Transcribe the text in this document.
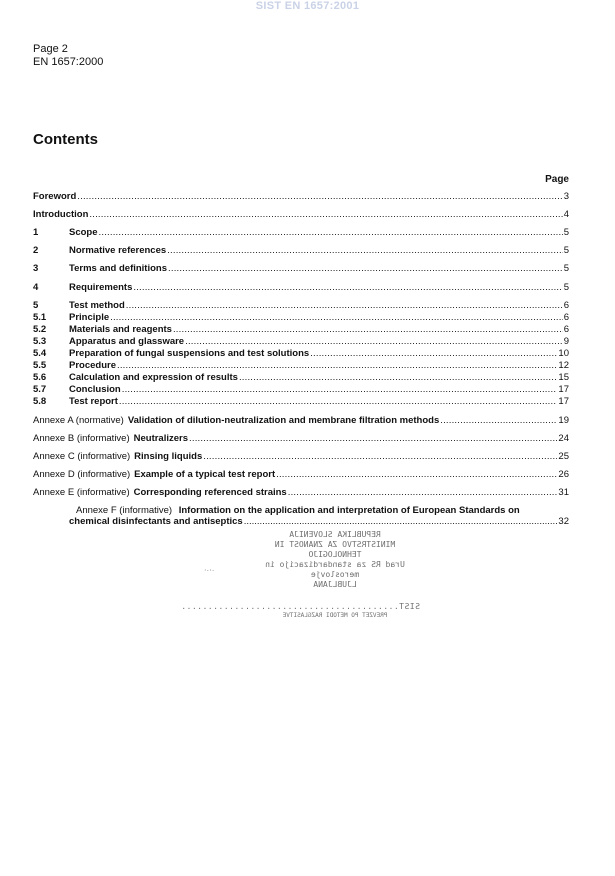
SIST EN 1657:2001
Page 2
EN 1657:2000
Contents
Page
Foreword .....	3
Introduction .....	4
1	Scope .....	5
2	Normative references .....	5
3	Terms and definitions .....	5
4	Requirements .....	5
5	Test method .....	6
5.1	Principle .....	6
5.2	Materials and reagents .....	6
5.3	Apparatus and glassware .....	9
5.4	Preparation of fungal suspensions and test solutions .....	10
5.5	Procedure .....	12
5.6	Calculation and expression of results .....	15
5.7	Conclusion .....	17
5.8	Test report .....	17
Annexe A (normative) Validation of dilution-neutralization and membrane filtration methods .....	19
Annexe B (informative) Neutralizers .....	24
Annexe C (informative) Rinsing liquids .....	25
Annexe D (informative) Example of a typical test report .....	26
Annexe E (informative) Corresponding referenced strains .....	31
Annexe F (informative) Information on the application and interpretation of European Standards on
chemical disinfectants and antiseptics .....	32
REPUBLIKA SLOVENIJA
MINISTRSTVO ZA ZNANOST IN TEHNOLOGIJO
Urad RS za standardizacijo in meroslovje
LJUBLJANA
SIST.........................................
PREVZET PO METODI RAZGLASITVE
⋅·⋅·
